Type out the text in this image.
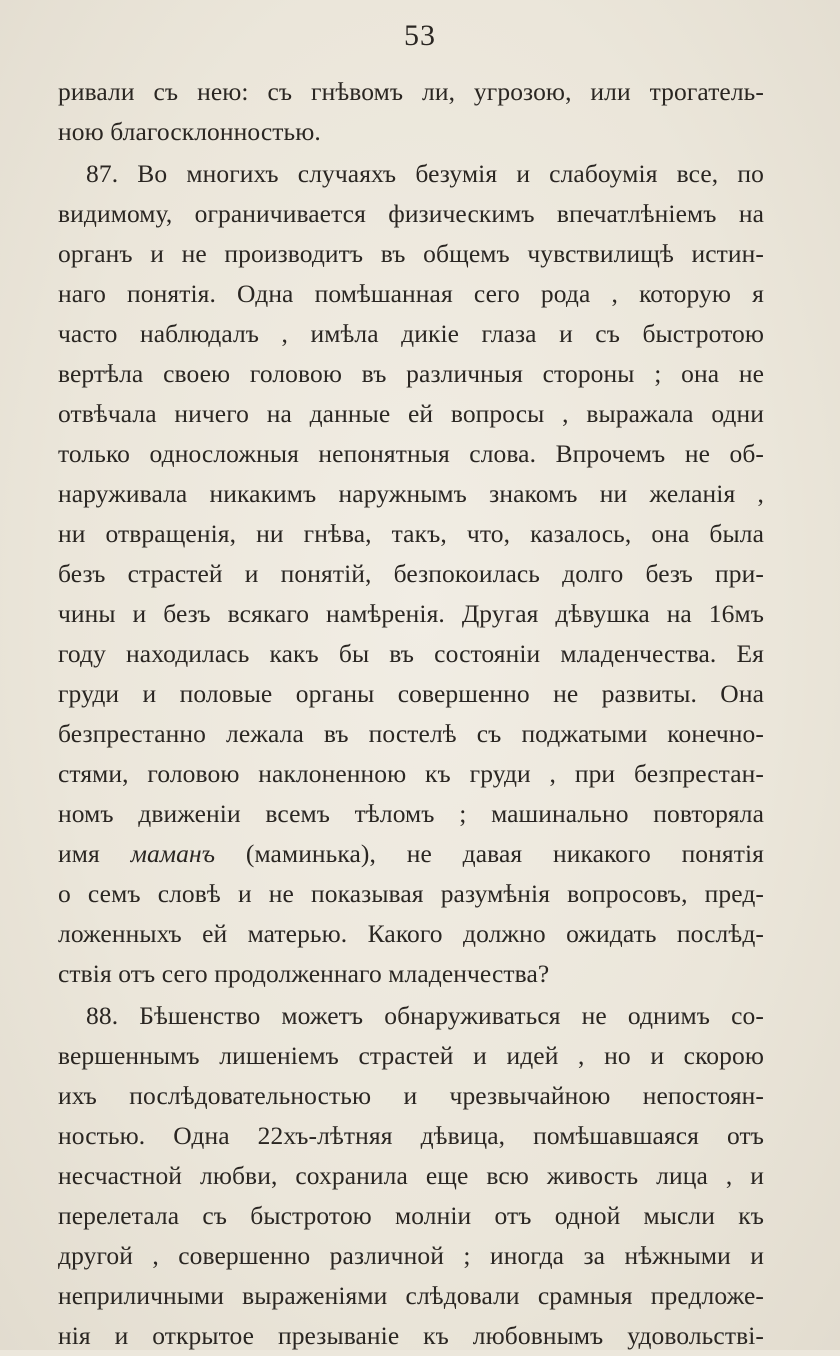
53
ривали съ нею: съ гнѣвомъ ли, угрозою, или трогатель-
ною благосклонностью.
87. Во многихъ случаяхъ безумія и слабоумія все, по
видимому, ограничивается физическимъ впечатлѣніемъ на
органъ и не производитъ въ общемъ чувствилищѣ истин-
наго понятія. Одна помѣшанная сего рода , которую я
часто наблюдалъ , имѣла дикіе глаза и съ быстротою
вертѣла своею головою въ различныя стороны ; она не
отвѣчала ничего на данные ей вопросы , выражала одни
только односложныя непонятныя слова. Впрочемъ не об-
наруживала никакимъ наружнымъ знакомъ ни желанія ,
ни отвращенія, ни гнѣва, такъ, что, казалось, она была
безъ страстей и понятій, безпокоилась долго безъ при-
чины и безъ всякаго намѣренія. Другая дѣвушка на 16мъ
году находилась какъ бы въ состояніи младенчества. Ея
груди и половые органы совершенно не развиты. Она
безпрестанно лежала въ постелѣ съ поджатыми конечно-
стями, головою наклоненною къ груди , при безпрестан-
номъ движеніи всемъ тѣломъ ; машинально повторяла
имя маманъ (маминька), не давая никакого понятія
о семъ словѣ и не показывая разумѣнія вопросовъ, пред-
ложенныхъ ей матерью. Какого должно ожидать послѣд-
ствія отъ сего продолженнаго младенчества?
88. Бѣшенство можетъ обнаруживаться не однимъ со-
вершеннымъ лишеніемъ страстей и идей , но и скорою
ихъ послѣдовательностью и чрезвычайною непостоян-
ностью. Одна 22хъ-лѣтняя дѣвица, помѣшавшаяся отъ
несчастной любви, сохранила еще всю живость лица , и
перелетала съ быстротою молніи отъ одной мысли къ
другой , совершенно различной ; иногда за нѣжными и
неприличными выраженіями слѣдовали срамныя предложе-
нія и открытое презываніе къ любовнымъ удовольствi-
